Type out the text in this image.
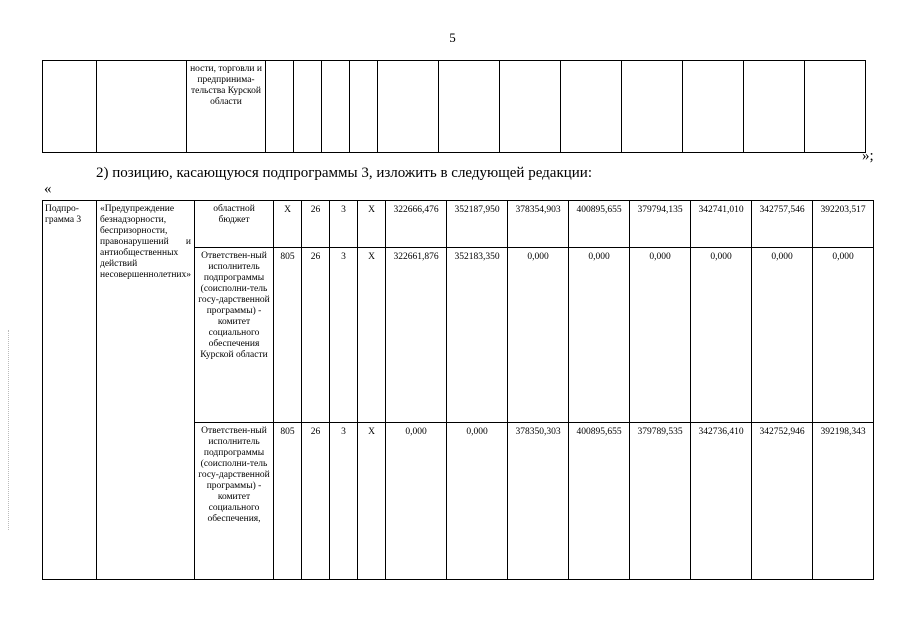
5
		ности, торговли и предпринима-тельства Курской области												
»;
2) позицию, касающуюся подпрограммы 3, изложить в следующей редакции:
«
Подпро-грамма 3	«Предупреждение безнадзорности, беспризорности, правонарушений и антиобщественных действий несовершеннолетних»	областной бюджет	X	26	3	X	322666,476	352187,950	378354,903	400895,655	379794,135	342741,010	342757,546	392203,517
		Ответствен-ный исполнитель подпрограммы (соисполни-тель госу-дарственной программы) - комитет социального обеспечения Курской области	805	26	3	X	322661,876	352183,350	0,000	0,000	0,000	0,000	0,000	0,000
		Ответствен-ный исполнитель подпрограммы (соисполни-тель госу-дарственной программы) - комитет социального обеспечения,	805	26	3	X	0,000	0,000	378350,303	400895,655	379789,535	342736,410	342752,946	392198,343
